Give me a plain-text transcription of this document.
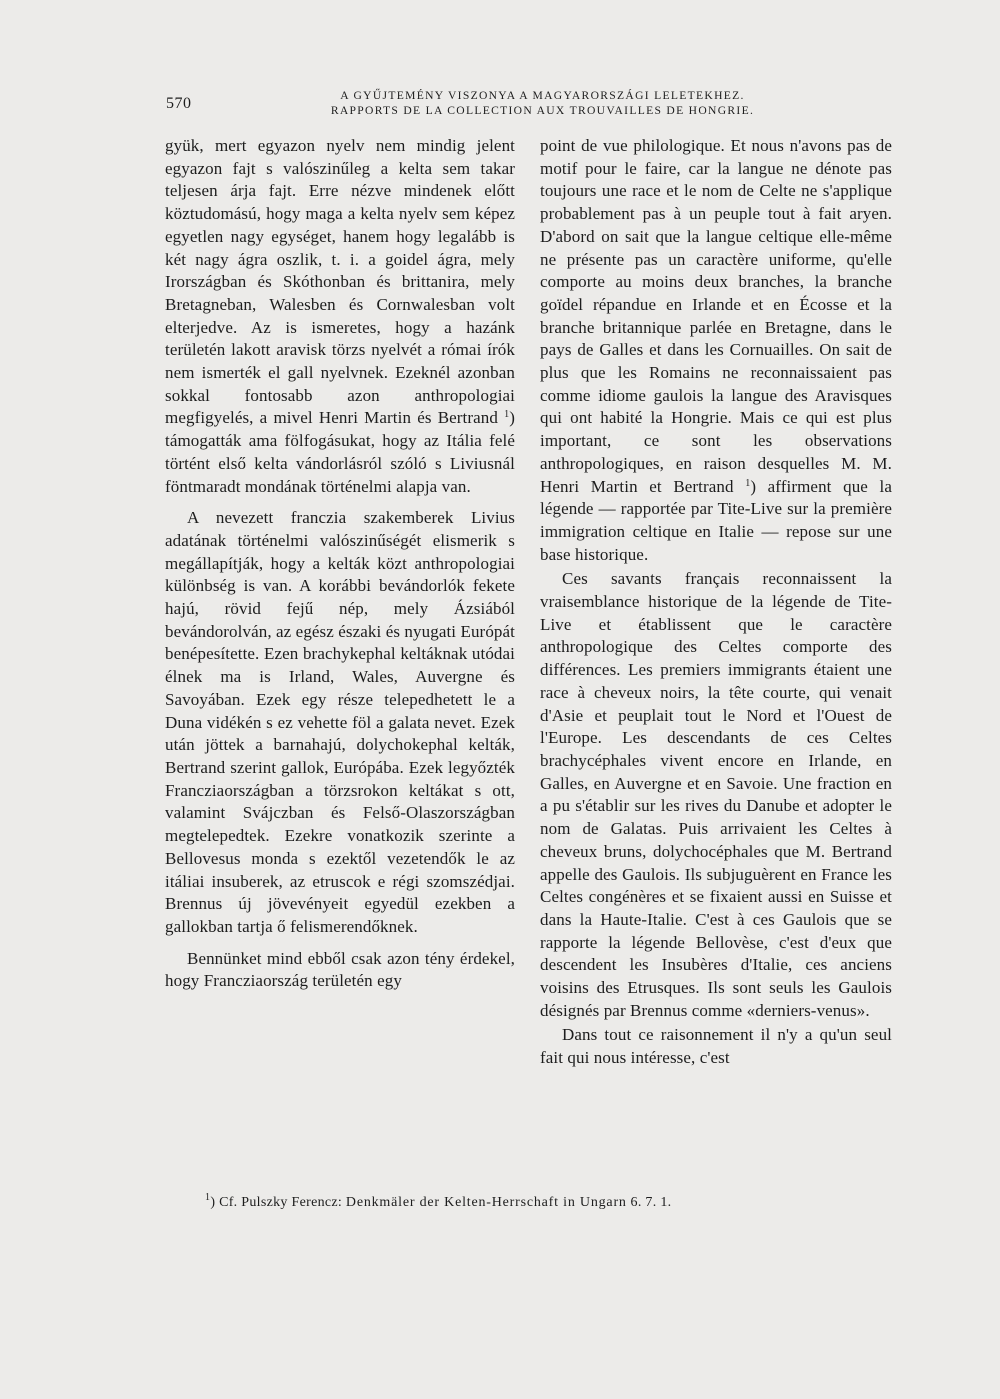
570	A GYŰJTEMÉNY VISZONYA A MAGYARORSZÁGI LELETEKHEZ.
RAPPORTS DE LA COLLECTION AUX TROUVAILLES DE HONGRIE.

gyük, mert egyazon nyelv nem mindig jelent egyazon fajt s valószinűleg a kelta sem takar teljesen árja fajt. Erre nézve mindenek előtt köztudomású, hogy maga a kelta nyelv sem képez egyetlen nagy egységet, hanem hogy legalább is két nagy ágra oszlik, t. i. a goidel ágra, mely Irországban és Skóthonban és brittanira, mely Bretagneban, Walesben és Cornwalesban volt elterjedve. Az is ismeretes, hogy a hazánk területén lakott aravisk törzs nyelvét a római írók nem ismerték el gall nyelvnek. Ezeknél azonban sokkal fontosabb azon anthropologiai megfigyelés, a mivel Henri Martin és Bertrand $^1$) támogatták ama fölfogásukat, hogy az Itália felé történt első kelta vándorlásról szóló s Liviusnál föntmaradt mondának történelmi alapja van.

A nevezett franczia szakemberek Livius adatának történelmi valószinűségét elismerik s megállapítják, hogy a kelták közt anthropologiai különbség is van. A korábbi bevándorlók fekete hajú, rövid fejű nép, mely Ázsiából bevándorolván, az egész északi és nyugati Európát benépesítette. Ezen brachykephal keltáknak utódai élnek ma is Irland, Wales, Auvergne és Savoyában. Ezek egy része telepedhetett le a Duna vidékén s ez vehette föl a galata nevet. Ezek után jöttek a barnahajú, dolychokephal kelták, Bertrand szerint gallok, Európába. Ezek legyőzték Francziaországban a törzsrokon keltákat s ott, valamint Svájczban és Felső-Olaszországban megtelepedtek. Ezekre vonatkozik szerinte a Bellovesus monda s ezektől vezetendők le az itáliai insuberek, az etruscok e régi szomszédjai. Brennus új jövevényeit egyedül ezekben a gallokban tartja ő felismerendőknek.

Bennünket mind ebből csak azon tény érdekel, hogy Francziaország területén egy

point de vue philologique. Et nous n'avons pas de motif pour le faire, car la langue ne dénote pas toujours une race et le nom de Celte ne s'applique probablement pas à un peuple tout à fait aryen. D'abord on sait que la langue celtique elle-même ne présente pas un caractère uniforme, qu'elle comporte au moins deux branches, la branche goïdel répandue en Irlande et en Écosse et la branche britannique parlée en Bretagne, dans le pays de Galles et dans les Cornuailles. On sait de plus que les Romains ne reconnaissaient pas comme idiome gaulois la langue des Aravisques qui ont habité la Hongrie. Mais ce qui est plus important, ce sont les observations anthropologiques, en raison desquelles M. M. Henri Martin et Bertrand $^1$) affirment que la légende — rapportée par Tite-Live sur la première immigration celtique en Italie — repose sur une base historique.

Ces savants français reconnaissent la vraisemblance historique de la légende de Tite-Live et établissent que le caractère anthropologique des Celtes comporte des différences. Les premiers immigrants étaient une race à cheveux noirs, la tête courte, qui venait d'Asie et peuplait tout le Nord et l'Ouest de l'Europe. Les descendants de ces Celtes brachycéphales vivent encore en Irlande, en Galles, en Auvergne et en Savoie. Une fraction en a pu s'établir sur les rives du Danube et adopter le nom de Galatas. Puis arrivaient les Celtes à cheveux bruns, dolychocéphales que M. Bertrand appelle des Gaulois. Ils subjuguèrent en France les Celtes congénères et se fixaient aussi en Suisse et dans la Haute-Italie. C'est à ces Gaulois que se rapporte la légende Bellovèse, c'est d'eux que descendent les Insubères d'Italie, ces anciens voisins des Etrusques. Ils sont seuls les Gaulois désignés par Brennus comme «derniers-venus».

Dans tout ce raisonnement il n'y a qu'un seul fait qui nous intéresse, c'est

$^1$) Cf. Pulszky Ferencz: Denkmäler der Kelten-Herrschaft in Ungarn 6. 7. 1.
